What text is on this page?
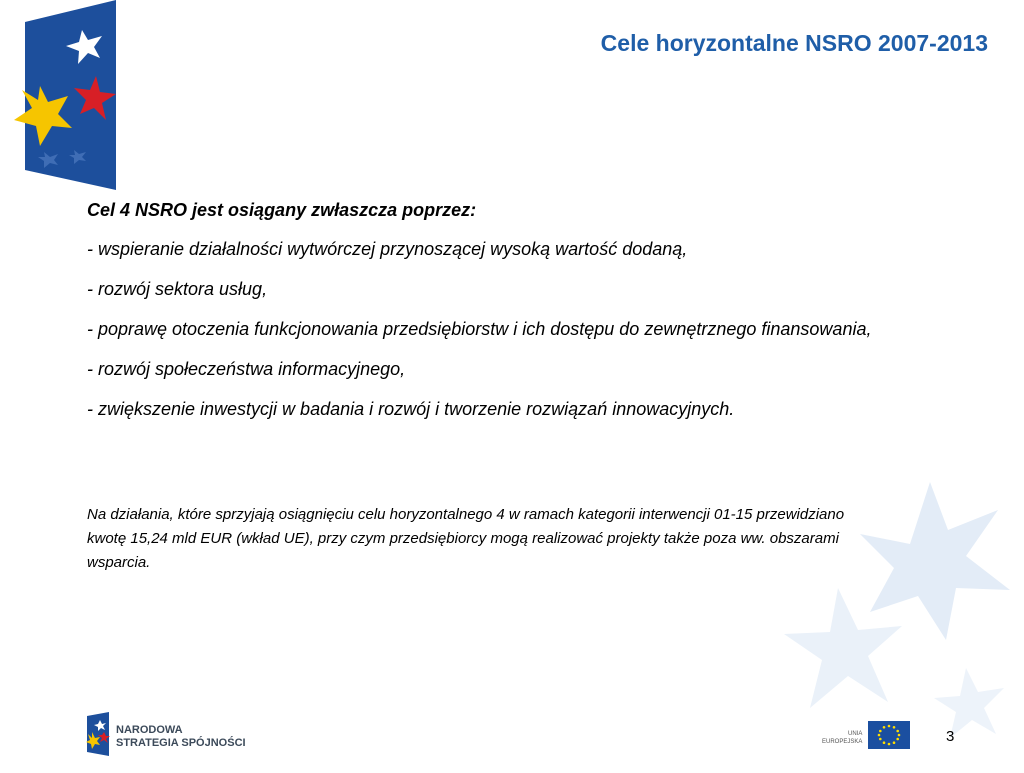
Cele horyzontalne NSRO 2007-2013

Cel 4 NSRO jest osiągany zwłaszcza poprzez:

- wspieranie działalności wytwórczej przynoszącej wysoką wartość dodaną,

- rozwój sektora usług,

- poprawę otoczenia funkcjonowania przedsiębiorstw i ich dostępu do zewnętrznego finansowania,

- rozwój społeczeństwa informacyjnego,

- zwiększenie inwestycji w badania i rozwój i tworzenie rozwiązań innowacyjnych.

Na działania, które sprzyjają osiągnięciu celu horyzontalnego 4 w ramach kategorii interwencji 01-15 przewidziano kwotę 15,24 mld EUR (wkład UE), przy czym przedsiębiorcy mogą realizować projekty także poza ww. obszarami wsparcia.

NARODOWA
STRATEGIA SPÓJNOŚCI
UNIA
EUROPEJSKA	3
